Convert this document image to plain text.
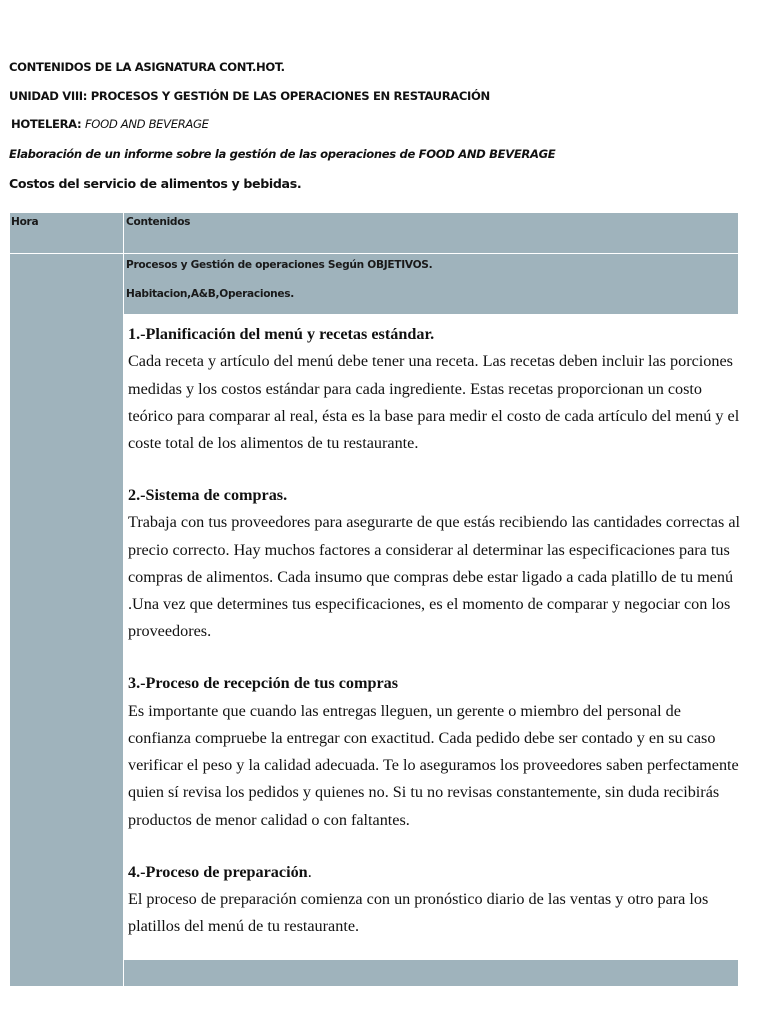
CONTENIDOS DE LA ASIGNATURA CONT.HOT.
UNIDAD VIII: PROCESOS Y GESTIÓN DE LAS OPERACIONES EN RESTAURACIÓN
HOTELERA: FOOD AND BEVERAGE
Elaboración de un informe sobre la gestión de las operaciones de FOOD AND BEVERAGE
Costos del servicio de alimentos y bebidas.
Hora	Contenidos
Procesos y Gestión de operaciones Según OBJETIVOS.
Habitacion,A&B,Operaciones.

1.-Planificación del menú y recetas estándar.

Cada receta y artículo del menú debe tener una receta. Las recetas deben incluir las porciones medidas y los costos estándar para cada ingrediente. Estas recetas proporcionan un costo teórico para comparar al real, ésta es la base para medir el costo de cada artículo del menú y el coste total de los alimentos de tu restaurante.

2.-Sistema de compras.

Trabaja con tus proveedores para asegurarte de que estás recibiendo las cantidades correctas al precio correcto. Hay muchos factores a considerar al determinar las especificaciones para tus compras de alimentos. Cada insumo que compras debe estar ligado a cada platillo de tu menú .Una vez que determines tus especificaciones, es el momento de comparar y negociar con los proveedores.

3.-Proceso de recepción de tus compras

Es importante que cuando las entregas lleguen, un gerente o miembro del personal de confianza compruebe la entregar con exactitud. Cada pedido debe ser contado y en su caso verificar el peso y la calidad adecuada. Te lo aseguramos los proveedores saben perfectamente quien sí revisa los pedidos y quienes no. Si tu no revisas constantemente, sin duda recibirás productos de menor calidad o con faltantes.

4.-Proceso de preparación.

El proceso de preparación comienza con un pronóstico diario de las ventas y otro para los platillos del menú de tu restaurante.
